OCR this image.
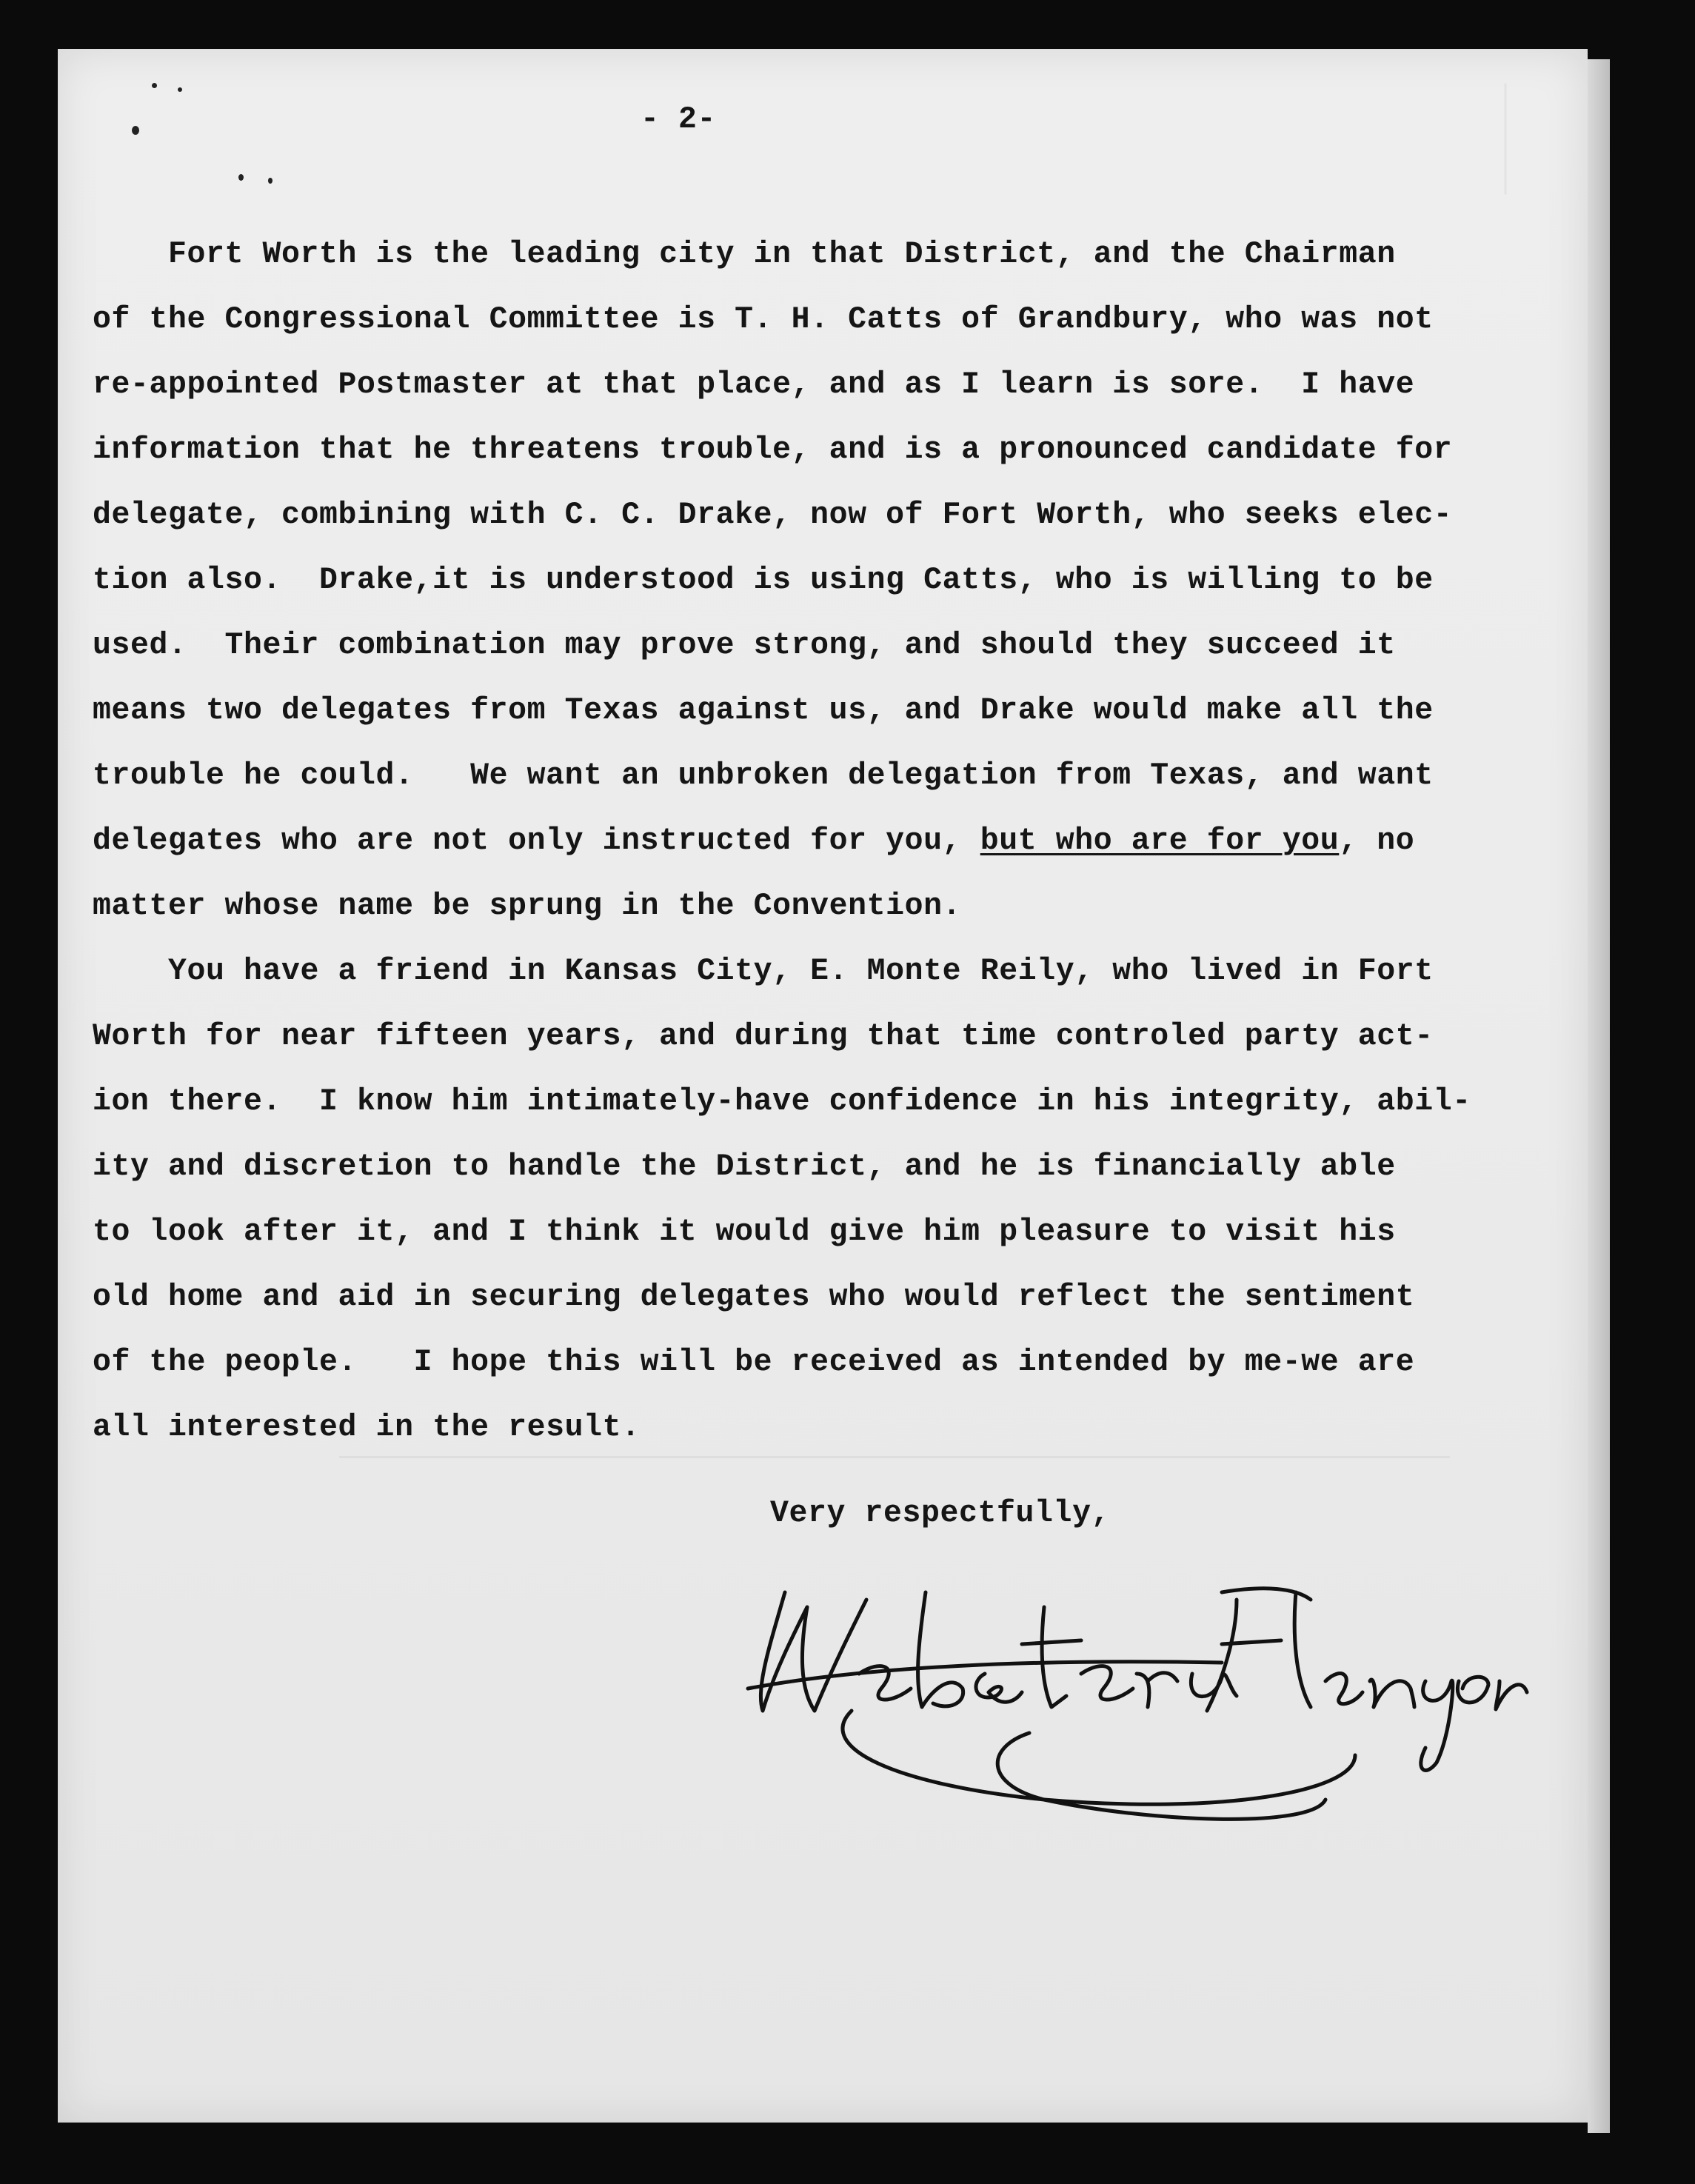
- 2-
Fort Worth is the leading city in that District, and the Chairman
of the Congressional Committee is T. H. Catts of Grandbury, who was not
re-appointed Postmaster at that place, and as I learn is sore.  I have
information that he threatens trouble, and is a pronounced candidate for
delegate, combining with C. C. Drake, now of Fort Worth, who seeks elec-
tion also.  Drake,it is understood is using Catts, who is willing to be
used.  Their combination may prove strong, and should they succeed it
means two delegates from Texas against us, and Drake would make all the
trouble he could.   We want an unbroken delegation from Texas, and want
delegates who are not only instructed for you, but who are for you, no
matter whose name be sprung in the Convention.
You have a friend in Kansas City, E. Monte Reily, who lived in Fort
Worth for near fifteen years, and during that time controled party act-
ion there.  I know him intimately-have confidence in his integrity, abil-
ity and discretion to handle the District, and he is financially able
to look after it, and I think it would give him pleasure to visit his
old home and aid in securing delegates who would reflect the sentiment
of the people.   I hope this will be received as intended by me-we are
all interested in the result.
Very respectfully,
Webster Flanagan
